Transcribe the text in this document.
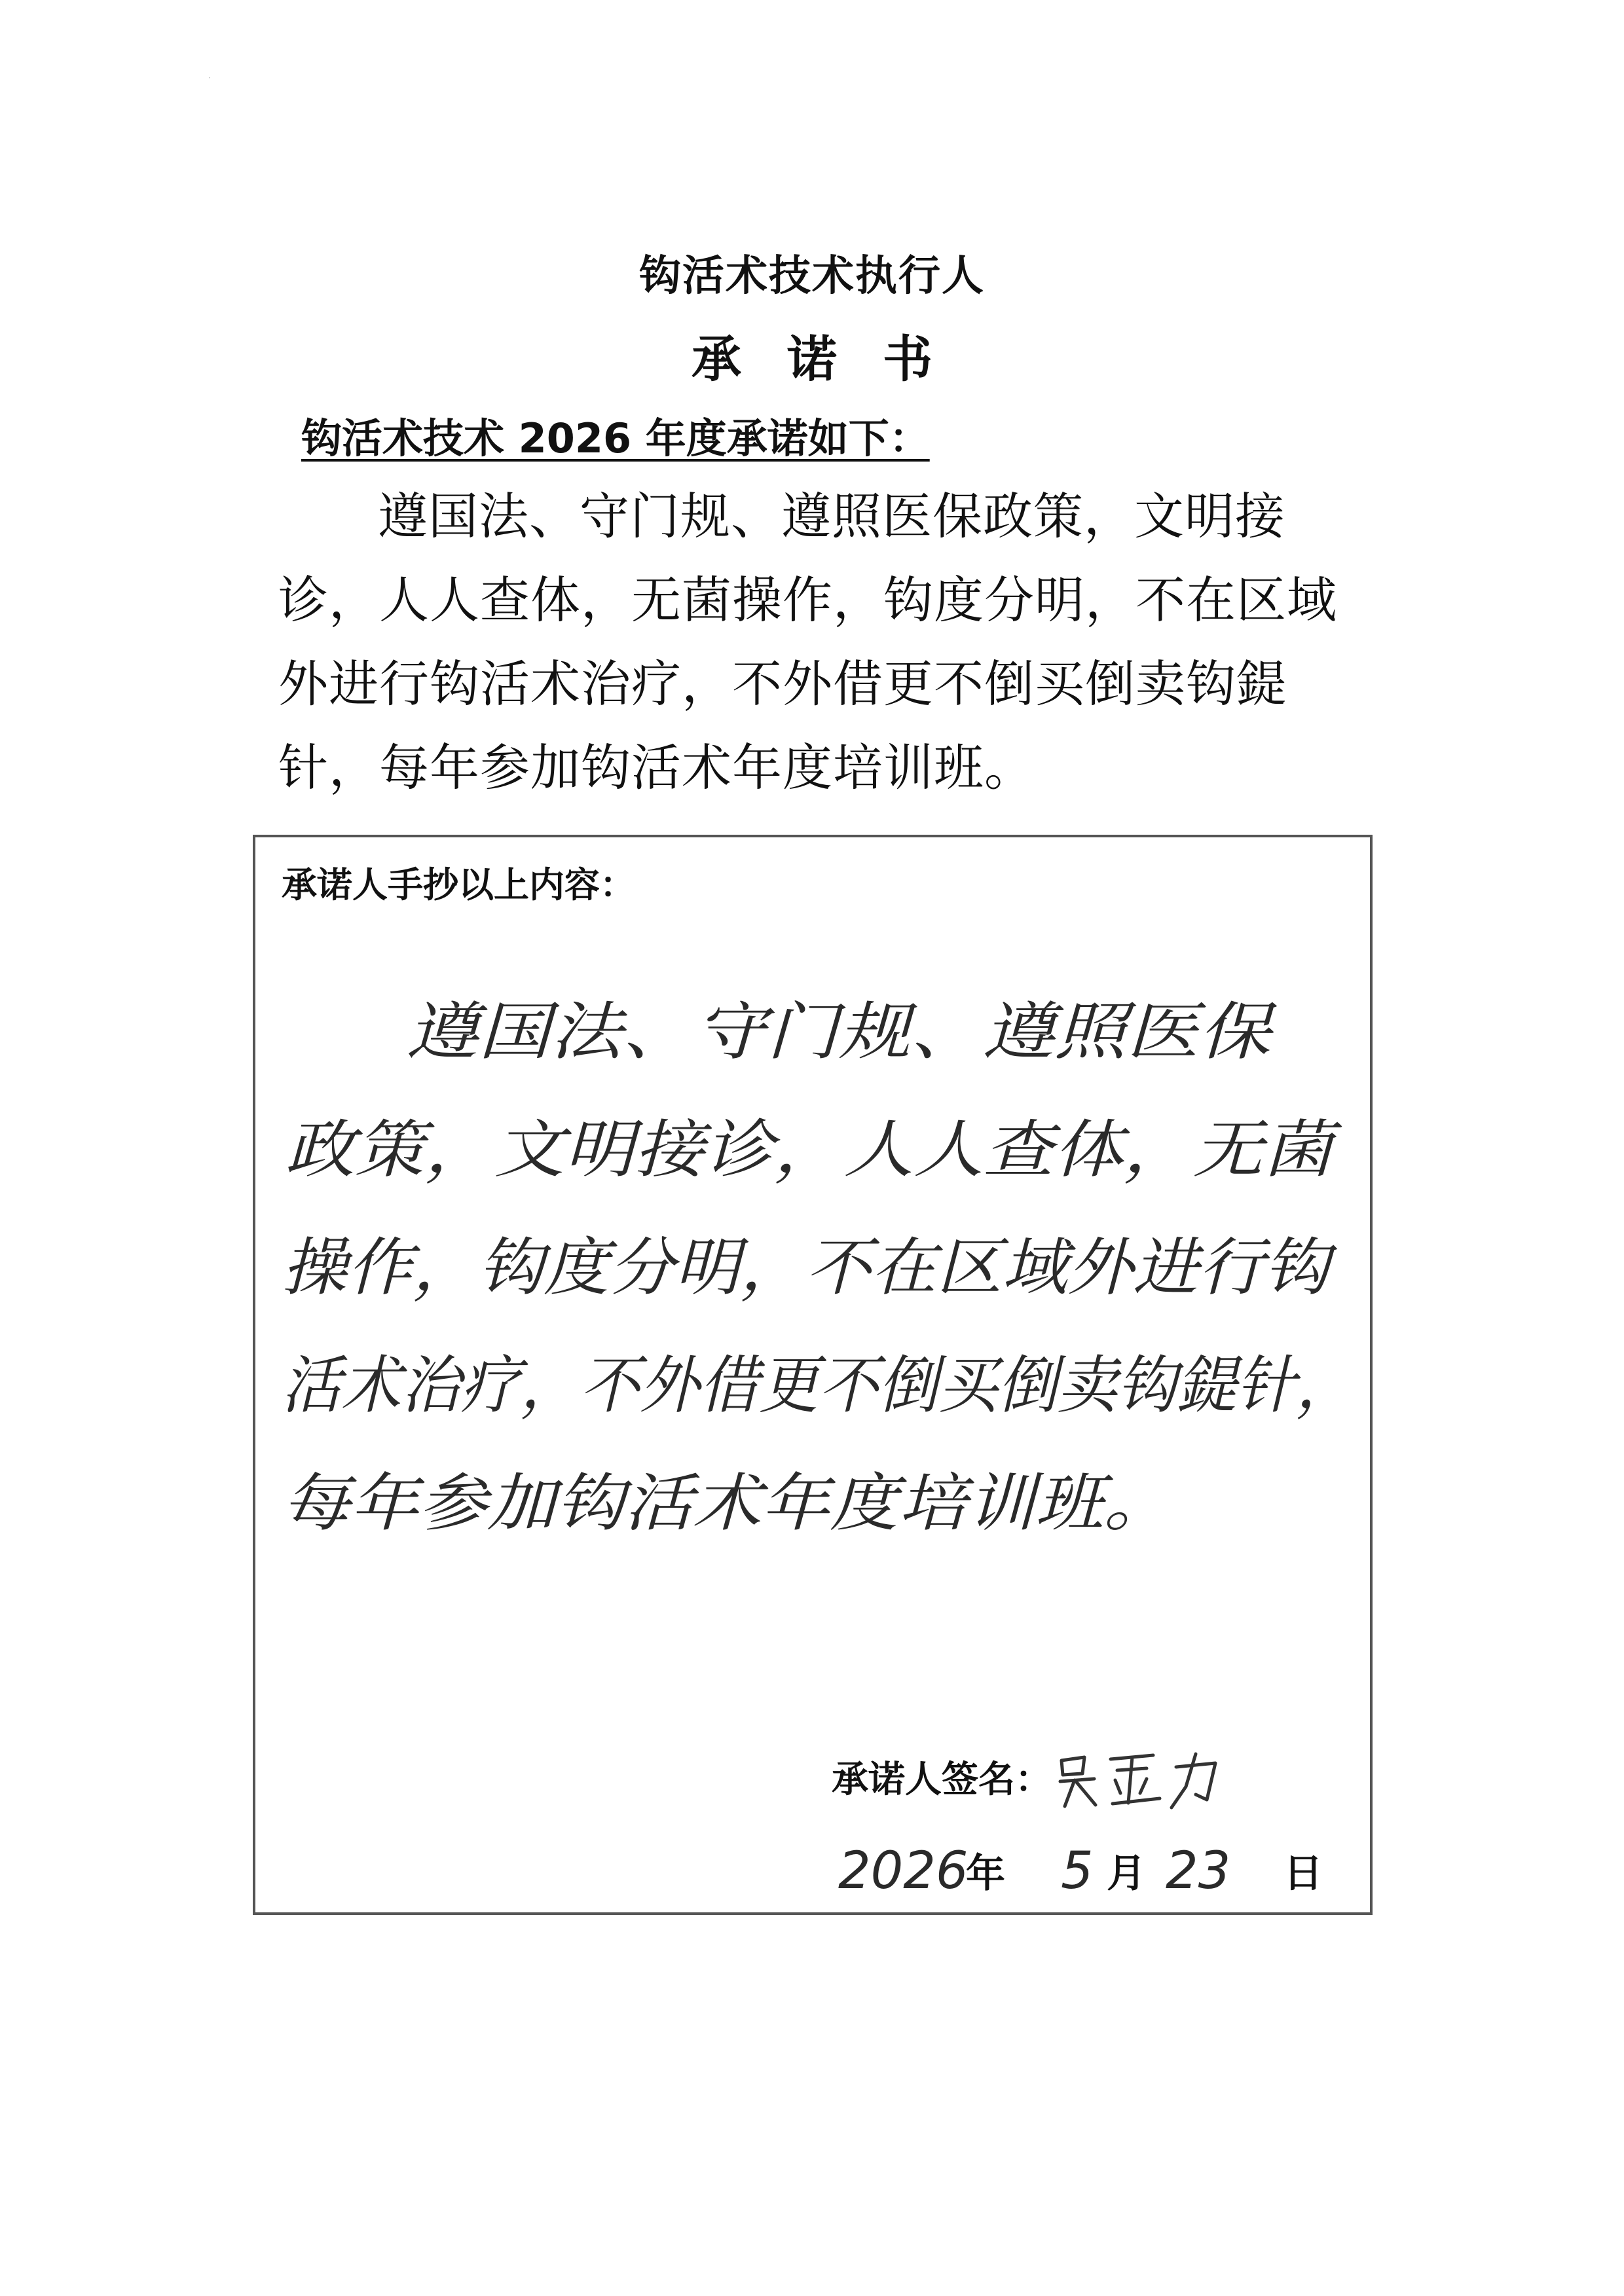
·
钩活术技术执行人
承诺书
钩活术技术 2026 年度承诺如下：
遵国法、守门规、遵照医保政策，文明接诊，人人查体，无菌操作，钩度分明，不在区域外进行钩活术治疗，不外借更不倒买倒卖钩鍉针，每年参加钩活术年度培训班。
承诺人手抄以上内容：
遵国法、守门规、遵照医保
政策，文明接诊，人人查体，无菌
操作，钩度分明，不在区域外进行钩
活术治疗，不外借更不倒买倒卖钩鍉针，
每年参加钩活术年度培训班。
承诺人签名：
2026
年 5 月 23 日
